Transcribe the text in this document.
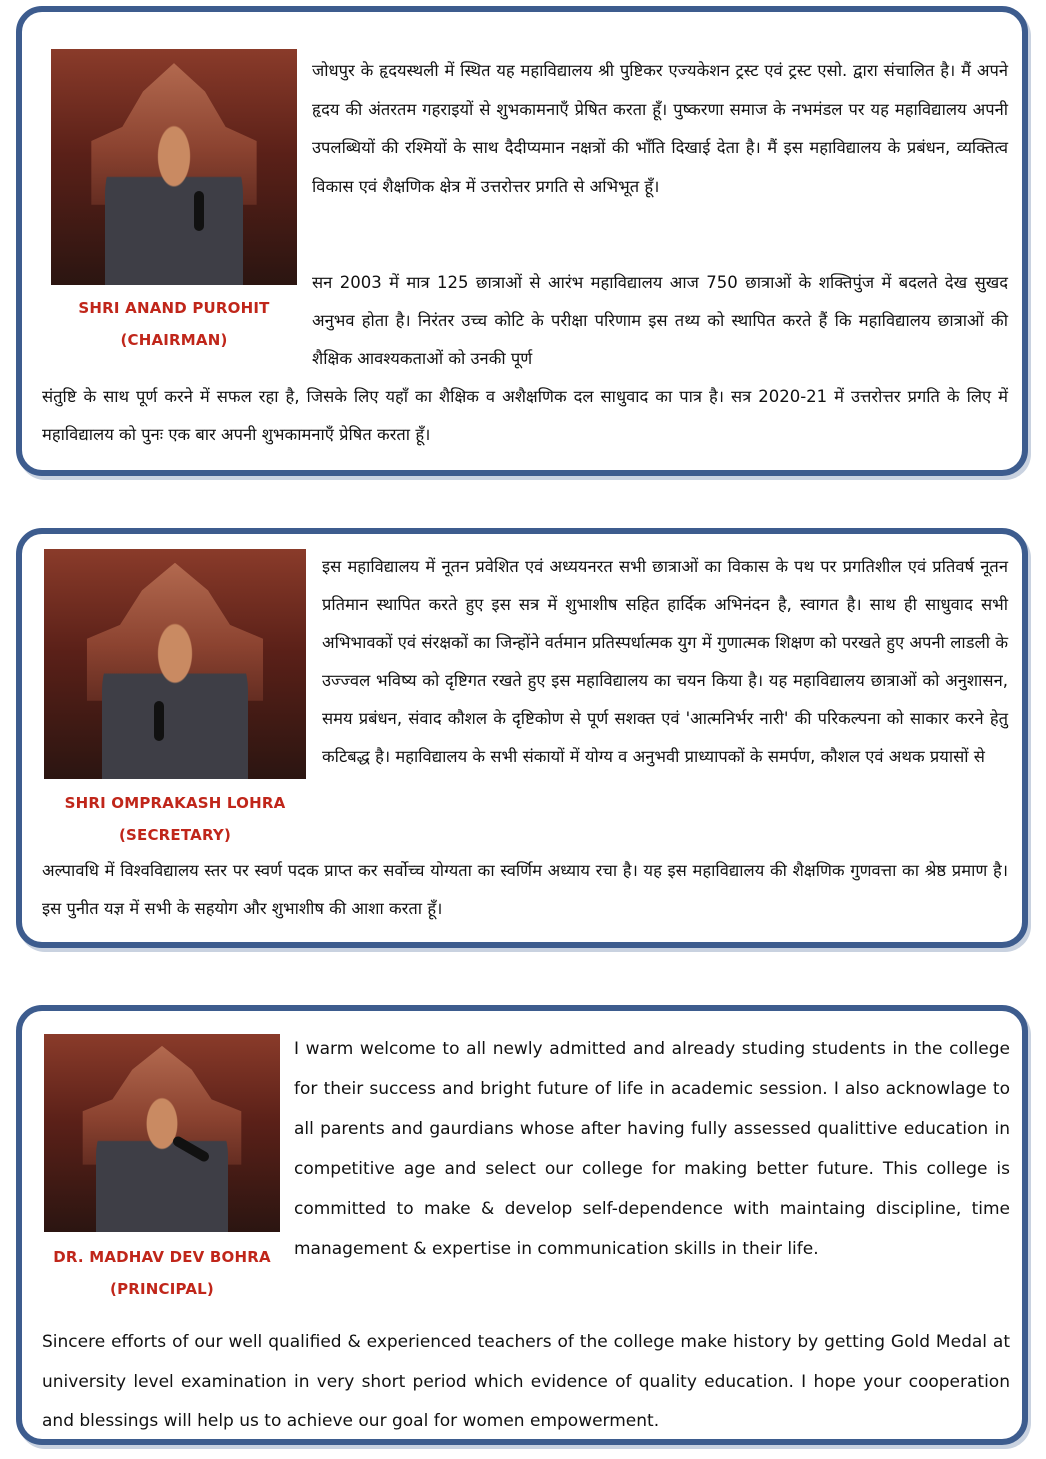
SHRI ANAND PUROHIT
(CHAIRMAN)

जोधपुर के हृदयस्थली में स्थित यह महाविद्यालय श्री पुष्टिकर एज्यकेशन ट्रस्ट एवं ट्रस्ट एसो. द्वारा संचालित है। मैं अपने हृदय की अंतरतम गहराइयों से शुभकामनाएँ प्रेषित करता हूँ। पुष्करणा समाज के नभमंडल पर यह महाविद्यालय अपनी उपलब्धियों की रश्मियों के साथ दैदीप्यमान नक्षत्रों की भाँति दिखाई देता है। मैं इस महाविद्यालय के प्रबंधन, व्यक्तित्व विकास एवं शैक्षणिक क्षेत्र में उत्तरोत्तर प्रगति से अभिभूत हूँ।

सन 2003 में मात्र 125 छात्राओं से आरंभ महाविद्यालय आज 750 छात्राओं के शक्तिपुंज में बदलते देख सुखद अनुभव होता है। निरंतर उच्च कोटि के परीक्षा परिणाम इस तथ्य को स्थापित करते हैं कि महाविद्यालय छात्राओं की शैक्षिक आवश्यकताओं को उनकी पूर्ण

संतुष्टि के साथ पूर्ण करने में सफल रहा है, जिसके लिए यहाँ का शैक्षिक व अशैक्षणिक दल साधुवाद का पात्र है। सत्र 2020-21 में उत्तरोत्तर प्रगति के लिए में महाविद्यालय को पुनः एक बार अपनी शुभकामनाएँ प्रेषित करता हूँ।

SHRI OMPRAKASH LOHRA
(SECRETARY)

इस महाविद्यालय में नूतन प्रवेशित एवं अध्ययनरत सभी छात्राओं का विकास के पथ पर प्रगतिशील एवं प्रतिवर्ष नूतन प्रतिमान स्थापित करते हुए इस सत्र में शुभाशीष सहित हार्दिक अभिनंदन है, स्वागत है। साथ ही साधुवाद सभी अभिभावकों एवं संरक्षकों का जिन्होंने वर्तमान प्रतिस्पर्धात्मक युग में गुणात्मक शिक्षण को परखते हुए अपनी लाडली के उज्ज्वल भविष्य को दृष्टिगत रखते हुए इस महाविद्यालय का चयन किया है। यह महाविद्यालय छात्राओं को अनुशासन, समय प्रबंधन, संवाद कौशल के दृष्टिकोण से पूर्ण सशक्त एवं 'आत्मनिर्भर नारी' की परिकल्पना को साकार करने हेतु कटिबद्ध है। महाविद्यालय के सभी संकायों में योग्य व अनुभवी प्राध्यापकों के समर्पण, कौशल एवं अथक प्रयासों से

अल्पावधि में विश्वविद्यालय स्तर पर स्वर्ण पदक प्राप्त कर सर्वोच्च योग्यता का स्वर्णिम अध्याय रचा है। यह इस महाविद्यालय की शैक्षणिक गुणवत्ता का श्रेष्ठ प्रमाण है। इस पुनीत यज्ञ में सभी के सहयोग और शुभाशीष की आशा करता हूँ।

DR. MADHAV DEV BOHRA
(PRINCIPAL)

I warm welcome to all newly admitted and already studing students in the college for their success and bright future of life in academic session. I also acknowlage to all parents and gaurdians whose after having fully assessed qualittive education in competitive age and select our college for making better future. This college is committed to make & develop self-dependence with maintaing discipline, time management & expertise in communication skills in their life.

Sincere efforts of our well qualified & experienced teachers of the college make history by getting Gold Medal at university level examination in very short period which evidence of quality education. I hope your cooperation and blessings will help us to achieve our goal for women empowerment.
